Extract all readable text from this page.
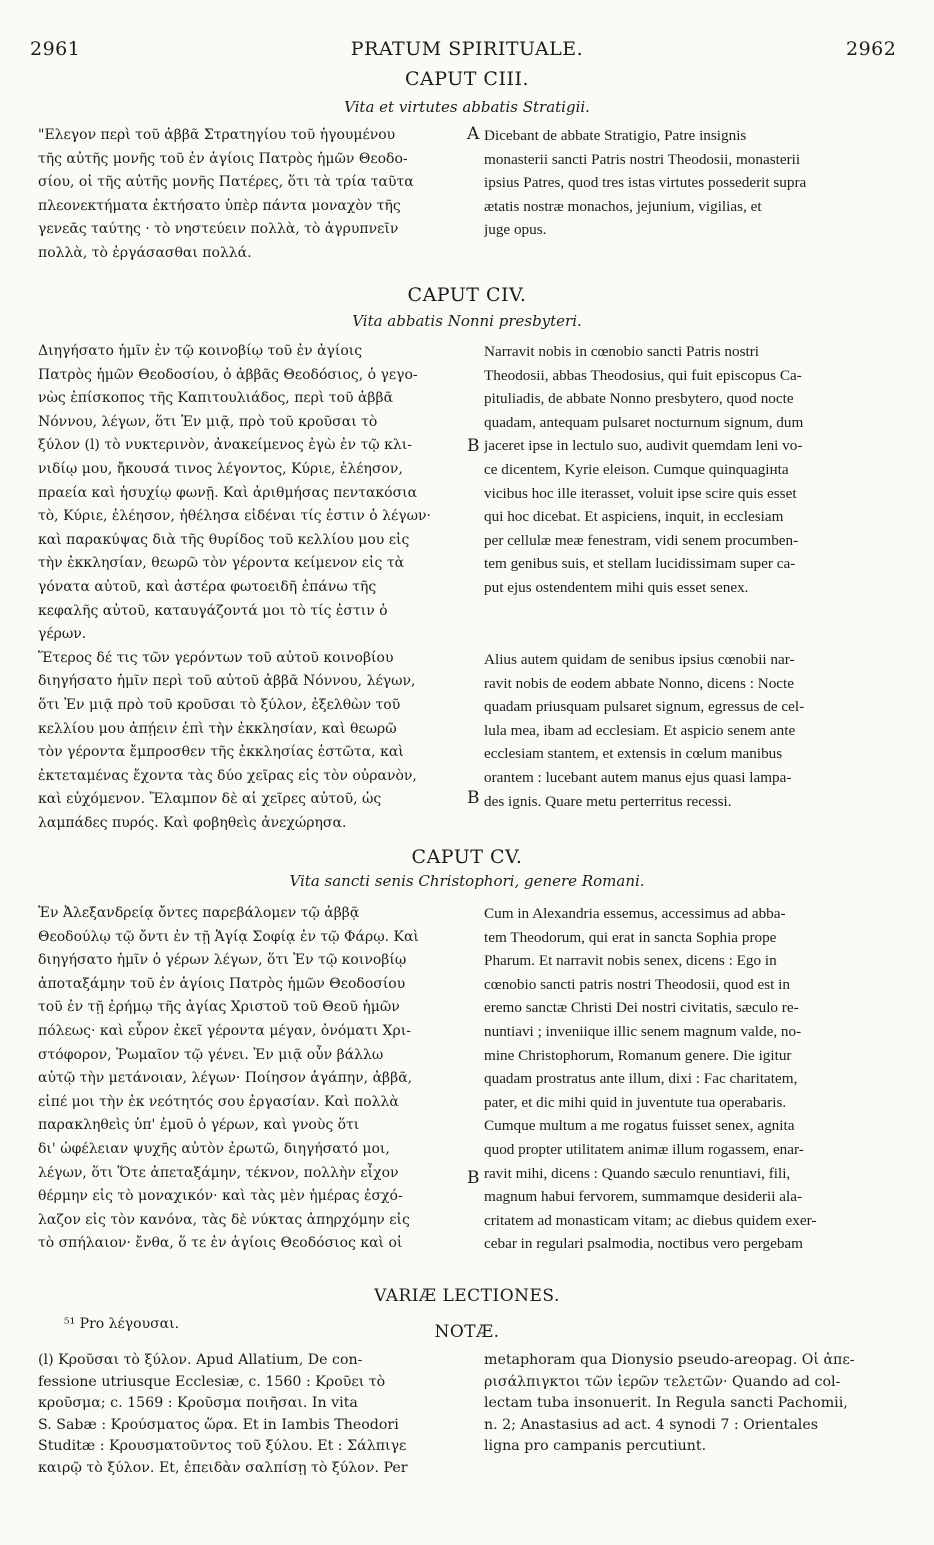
2961	PRATUM SPIRITUALE.	2962
CAPUT CIII.
Vita et virtutes abbatis Stratigii.
"Ελεγον περὶ τοῦ ἀββᾶ Στρατηγίου τοῦ ἡγουμένου
τῆς αὐτῆς μονῆς τοῦ ἐν ἁγίοις Πατρὸς ἡμῶν Θεοδο-
σίου, οἱ τῆς αὐτῆς μονῆς Πατέρες, ὅτι τὰ τρία ταῦτα
πλεονεκτήματα ἐκτήσατο ὑπὲρ πάντα μοναχὸν τῆς
γενεᾶς ταύτης · τὸ νηστεύειν πολλὰ, τὸ ἀγρυπνεῖν
πολλὰ, τὸ ἐργάσασθαι πολλά.
A Dicebant de abbate Stratigio, Patre insignis
monasterii sancti Patris nostri Theodosii, monasterii
ipsius Patres, quod tres istas virtutes possederit supra
ætatis nostræ monachos, jejunium, vigilias, et
juge opus.
CAPUT CIV.
Vita abbatis Nonni presbyteri.
Διηγήσατο ἡμῖν ἐν τῷ κοινοβίῳ τοῦ ἐν ἁγίοις
Πατρὸς ἡμῶν Θεοδοσίου, ὁ ἀββᾶς Θεοδόσιος, ὁ γεγο-
νὼς ἐπίσκοπος τῆς Καπιτουλιάδος, περὶ τοῦ ἀββᾶ
Νόννου, λέγων, ὅτι Ἐν μιᾷ, πρὸ τοῦ κροῦσαι τὸ
ξύλον (l) τὸ νυκτερινὸν, ἀνακείμενος ἐγὼ ἐν τῷ κλι-
νιδίῳ μου, ἤκουσά τινος λέγοντος, Κύριε, ἐλέησον,
πραεία καὶ ἡσυχίῳ φωνῇ. Καὶ ἀριθμήσας πεντακόσια
τὸ, Κύριε, ἐλέησον, ἠθέλησα εἰδέναι τίς ἐστιν ὁ λέγων·
καὶ παρακύψας διὰ τῆς θυρίδος τοῦ κελλίου μου εἰς
τὴν ἐκκλησίαν, θεωρῶ τὸν γέροντα κείμενον εἰς τὰ
γόνατα αὐτοῦ, καὶ ἀστέρα φωτοειδῆ ἐπάνω τῆς
κεφαλῆς αὐτοῦ, καταυγάζοντά μοι τὸ τίς ἐστιν ὁ
γέρων.
Ἕτερος δέ τις τῶν γερόντων τοῦ αὐτοῦ κοινοβίου
διηγήσατο ἡμῖν περὶ τοῦ αὐτοῦ ἀββᾶ Νόννου, λέγων,
ὅτι Ἐν μιᾷ πρὸ τοῦ κροῦσαι τὸ ξύλον, ἐξελθὼν τοῦ
κελλίου μου ἀπῄειν ἐπὶ τὴν ἐκκλησίαν, καὶ θεωρῶ
τὸν γέροντα ἔμπροσθεν τῆς ἐκκλησίας ἑστῶτα, καὶ
ἐκτεταμένας ἔχοντα τὰς δύο χεῖρας εἰς τὸν οὐρανὸν,
καὶ εὐχόμενον. Ἔλαμπον δὲ αἱ χεῖρες αὐτοῦ, ὡς
λαμπάδες πυρός. Καὶ φοβηθεὶς ἀνεχώρησα.
B
Narravit nobis in cœnobio sancti Patris nostri
Theodosii, abbas Theodosius, qui fuit episcopus Ca-
pituliadis, de abbate Nonno presbytero, quod nocte
quadam, antequam pulsaret nocturnum signum, dum
jaceret ipse in lectulo suo, audivit quemdam leni vo-
ce dicentem, Kyrie eleison. Cumque quinquagінta
vicibus hoc ille iterasset, voluit ipse scire quis esset
qui hoc dicebat. Et aspiciens, inquit, in ecclesiam
per cellulæ meæ fenestram, vidi senem procumben-
tem genibus suis, et stellam lucidissimam super ca-
put ejus ostendentem mihi quis esset senex.
B
Alius autem quidam de senibus ipsius cœnobii nar-
ravit nobis de eodem abbate Nonno, dicens : Nocte
quadam priusquam pulsaret signum, egressus de cel-
lula mea, ibam ad ecclesiam. Et aspicio senem ante
ecclesiam stantem, et extensis in cœlum manibus
orantem : lucebant autem manus ejus quasi lampa-
des ignis. Quare metu perterritus recessi.
CAPUT CV.
Vita sancti senis Christophori, genere Romani.
Ἐν Ἀλεξανδρείᾳ ὄντες παρεβάλομεν τῷ ἀββᾷ
Θεοδούλῳ τῷ ὄντι ἐν τῇ Ἁγίᾳ Σοφίᾳ ἐν τῷ Φάρῳ. Καὶ
διηγήσατο ἡμῖν ὁ γέρων λέγων, ὅτι Ἐν τῷ κοινοβίῳ
ἀποταξάμην τοῦ ἐν ἁγίοις Πατρὸς ἡμῶν Θεοδοσίου
τοῦ ἐν τῇ ἐρήμῳ τῆς ἁγίας Χριστοῦ τοῦ Θεοῦ ἡμῶν
πόλεως· καὶ εὗρον ἐκεῖ γέροντα μέγαν, ὀνόματι Χρι-
στόφορον, Ῥωμαῖον τῷ γένει. Ἐν μιᾷ οὖν βάλλω
αὐτῷ τὴν μετάνοιαν, λέγων· Ποίησον ἀγάπην, ἀββᾶ,
εἰπέ μοι τὴν ἐκ νεότητός σου ἐργασίαν. Καὶ πολλὰ
παρακληθεὶς ὑπ' ἐμοῦ ὁ γέρων, καὶ γνοὺς ὅτι
δι' ὠφέλειαν ψυχῆς αὐτὸν ἐρωτῶ, διηγήσατό μοι,
λέγων, ὅτι Ὅτε ἀπεταξάμην, τέκνον, πολλὴν εἶχον
θέρμην εἰς τὸ μοναχικόν· καὶ τὰς μὲν ἡμέρας ἐσχό-
λαζον εἰς τὸν κανόνα, τὰς δὲ νύκτας ἀπηρχόμην εἰς
τὸ σπήλαιον· ἔνθα, ὅ τε ἐν ἁγίοις Θεοδόσιος καὶ οἱ
B
Cum in Alexandria essemus, accessimus ad abba-
tem Theodorum, qui erat in sancta Sophia prope
Pharum. Et narravit nobis senex, dicens : Ego in
cœnobio sancti patris nostri Theodosii, quod est in
eremo sanctæ Christi Dei nostri civitatis, sæculo re-
nuntiavi ; inveniique illic senem magnum valde, no-
mine Christophorum, Romanum genere. Die igitur
quadam prostratus ante illum, dixi : Fac charitatem,
pater, et dic mihi quid in juventute tua operabaris.
Cumque multum a me rogatus fuisset senex, agnita
quod propter utilitatem animæ illum rogassem, enar-
ravit mihi, dicens : Quando sæculo renuntiavi, fili,
magnum habui fervorem, summamque desiderii ala-
critatem ad monasticam vitam; ac diebus quidem exer-
cebar in regulari psalmodia, noctibus vero pergebam
VARIÆ LECTIONES.
⁵¹ Pro λέγουσαι.	NOTÆ.
(l) Κροῦσαι τὸ ξύλον. Apud Allatium, De con-
fessione utriusque Ecclesiæ, c. 1560 : Κροῦει τὸ
κροῦσμα; c. 1569 : Κροῦσμα ποιῆσαι. In vita
S. Sabæ : Κρούσματος ὥρα. Et in Iambis Theodori
Studitæ : Κρουσματοῦντος τοῦ ξύλου. Et : Σάλπιγε
καιρῷ τὸ ξύλον. Et, ἐπειδὰν σαλπίσῃ τὸ ξύλον. Per
metaphoram qua Dionysio pseudo-areopag. Οἱ ἀπε-
ρισάλπιγκτοι τῶν ἱερῶν τελετῶν· Quando ad col-
lectam tuba insonuerit. In Regula sancti Pachomii,
n. 2; Anastasius ad act. 4 synodi 7 : Orientales
ligna pro campanis percutiunt.
